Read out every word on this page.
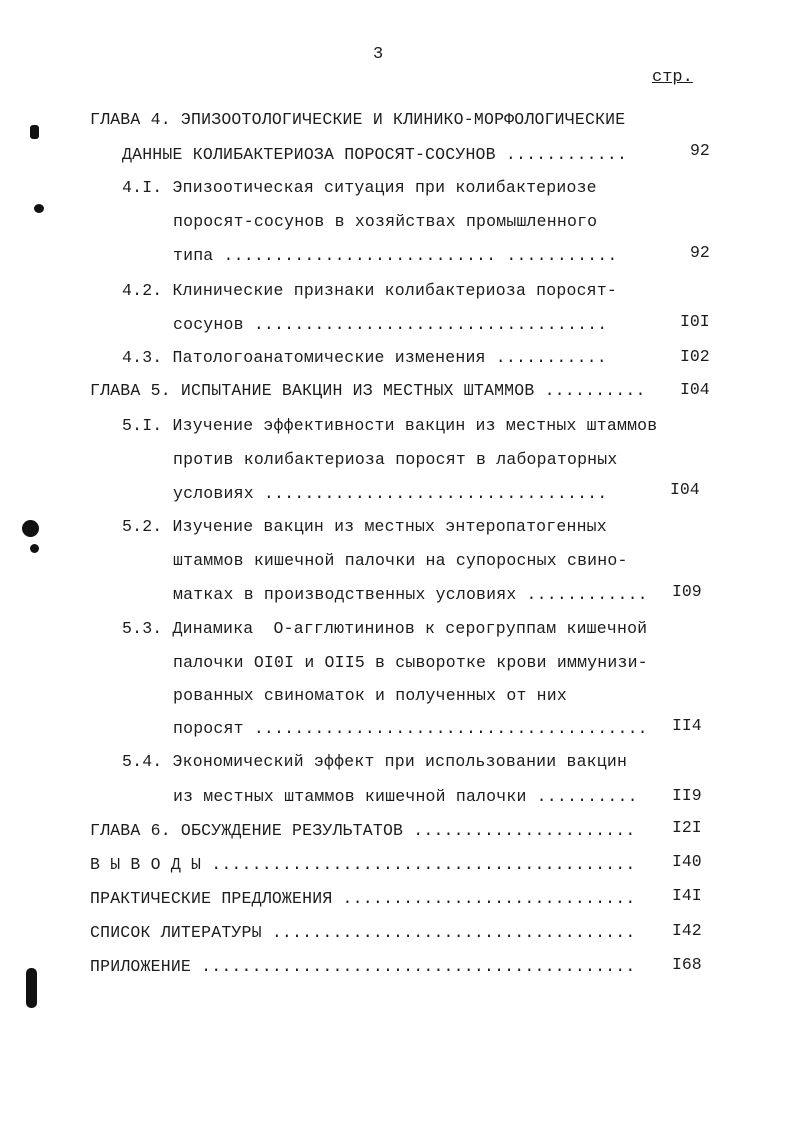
3
стр.
ГЛАВА 4. ЭПИЗООТОЛОГИЧЕСКИЕ И КЛИНИКО-МОРФОЛОГИЧЕСКИЕ
ДАННЫЕ КОЛИБАКТЕРИОЗА ПОРОСЯТ-СОСУНОВ ............	92
4.I. Эпизоотическая ситуация при колибактериозе
поросят-сосунов в хозяйствах промышленного
типа ........................... ...........	92
4.2. Клинические признаки колибактериоза поросят-
сосунов ...................................	I0I
4.3. Патологоанатомические изменения ...........	I02
ГЛАВА 5. ИСПЫТАНИЕ ВАКЦИН ИЗ МЕСТНЫХ ШТАММОВ .......... I04
5.I. Изучение эффективности вакцин из местных штаммов
против колибактериоза поросят в лабораторных
условиях ..................................	I04
5.2. Изучение вакцин из местных энтеропатогенных
штаммов кишечной палочки на супоросных свино-
матках в производственных условиях ............ I09
5.3. Динамика  О-агглютининов к серогруппам кишечной
палочки ОI0I и ОII5 в сыворотке крови иммунизи-
рованных свиноматок и полученных от них
поросят ....................................... II4
5.4. Экономический эффект при использовании вакцин
из местных штаммов кишечной палочки .......... II9
ГЛАВА 6. ОБСУЖДЕНИЕ РЕЗУЛЬТАТОВ ...................... I2I
В Ы В О Д Ы .......................................... I40
ПРАКТИЧЕСКИЕ ПРЕДЛОЖЕНИЯ ............................. I4I
СПИСОК ЛИТЕРАТУРЫ .................................... I42
ПРИЛОЖЕНИЕ ........................................... I68
